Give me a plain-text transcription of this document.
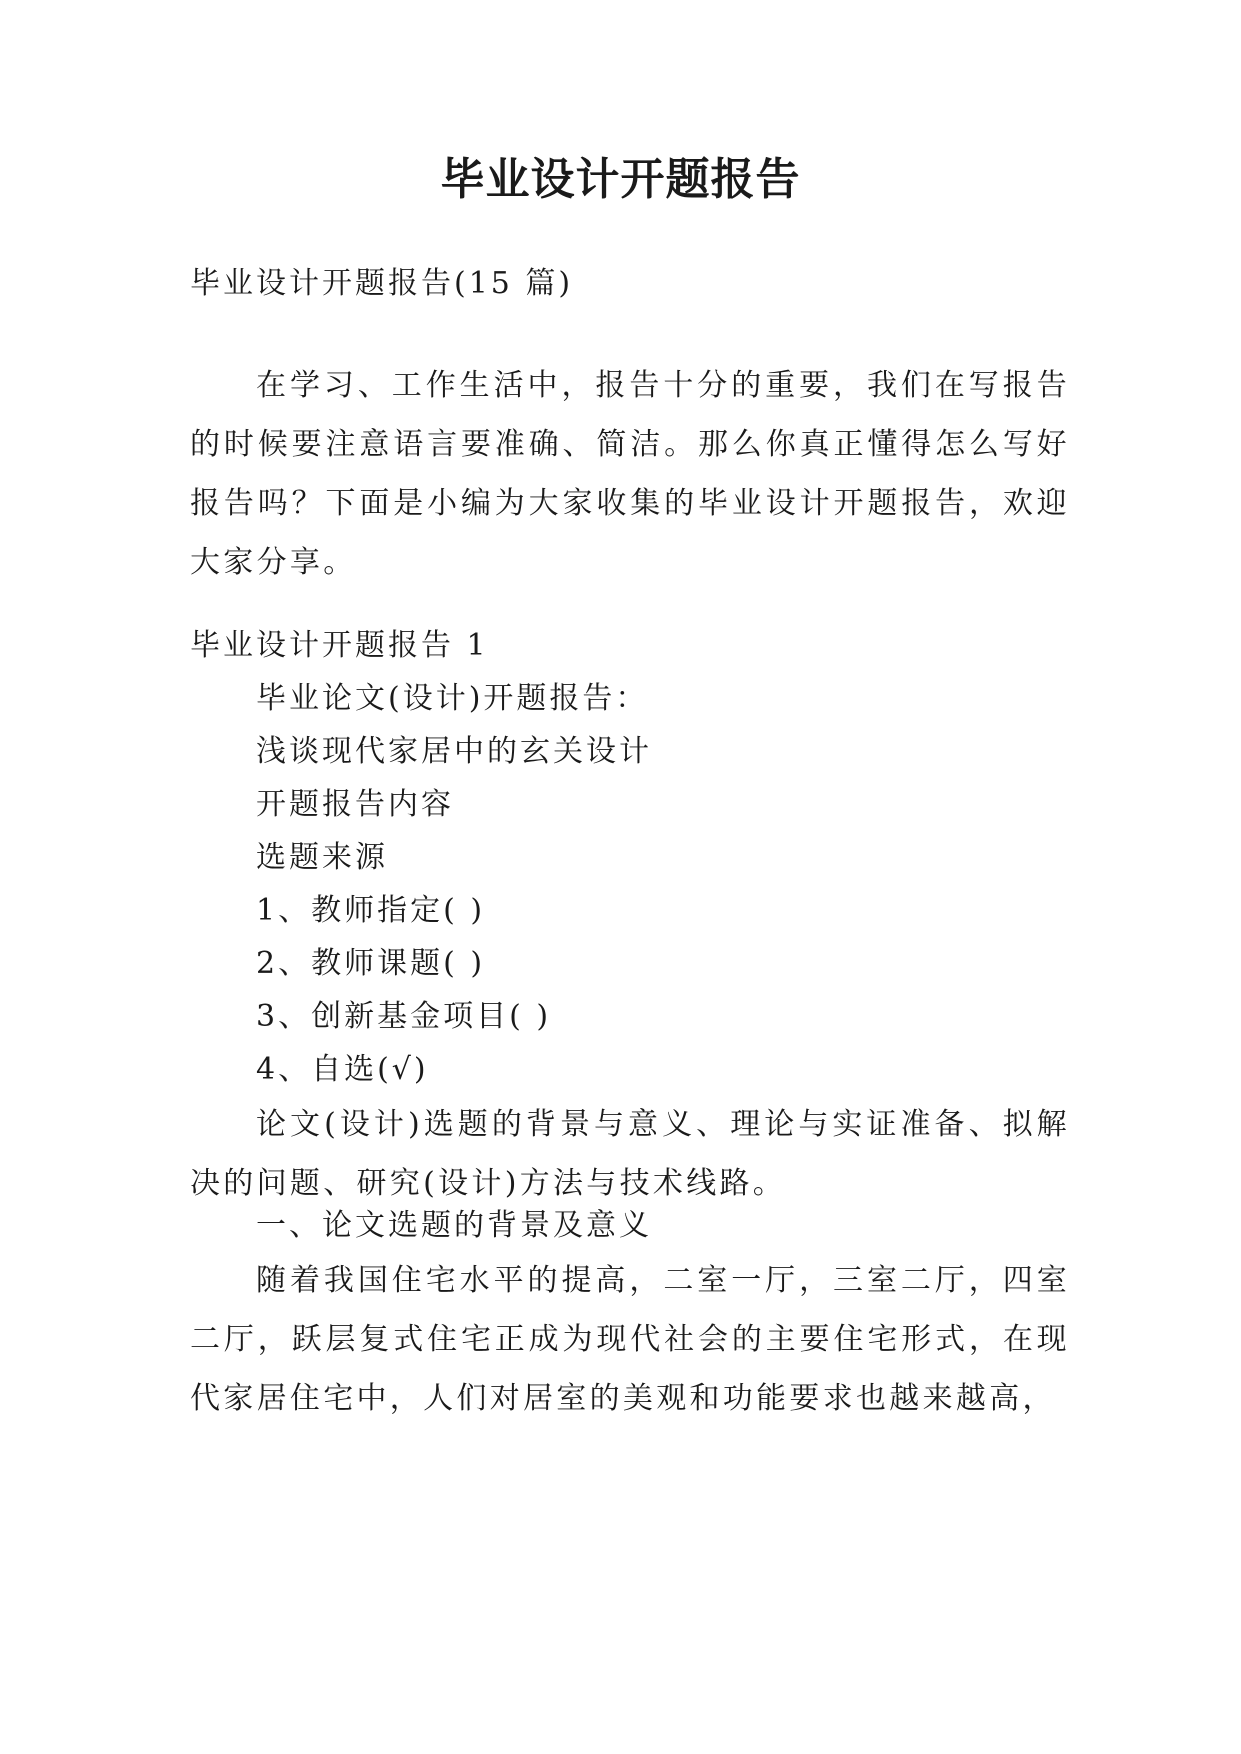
毕业设计开题报告

毕业设计开题报告(15 篇)

在学习、工作生活中，报告十分的重要，我们在写报告的时候要注意语言要准确、简洁。那么你真正懂得怎么写好报告吗？下面是小编为大家收集的毕业设计开题报告，欢迎大家分享。

毕业设计开题报告 1

毕业论文(设计)开题报告：

浅谈现代家居中的玄关设计

开题报告内容

选题来源

1、教师指定( )

2、教师课题( )

3、创新基金项目( )

4、自选(√)

论文(设计)选题的背景与意义、理论与实证准备、拟解决的问题、研究(设计)方法与技术线路。

一、论文选题的背景及意义

随着我国住宅水平的提高，二室一厅，三室二厅，四室二厅，跃层复式住宅正成为现代社会的主要住宅形式，在现代家居住宅中，人们对居室的美观和功能要求也越来越高，
